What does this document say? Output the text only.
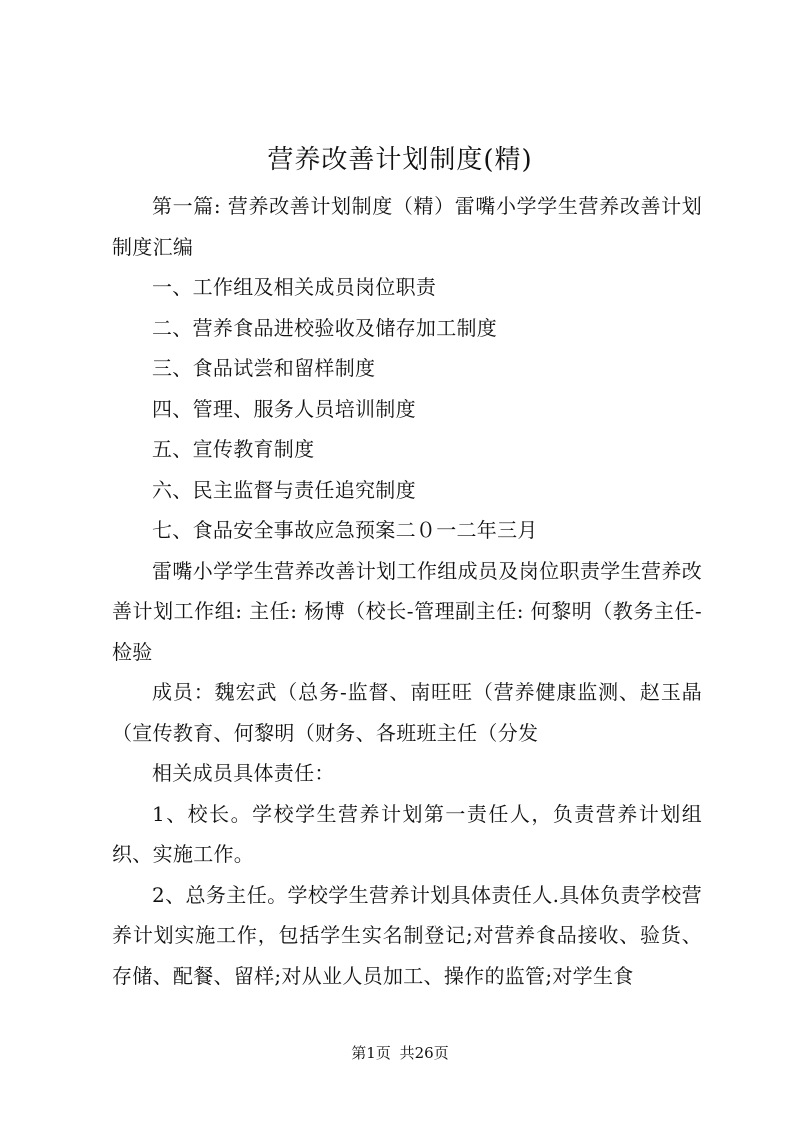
营养改善计划制度(精)

第一篇: 营养改善计划制度（精）雷嘴小学学生营养改善计划制度汇编

一、工作组及相关成员岗位职责

二、营养食品进校验收及储存加工制度

三、食品试尝和留样制度

四、管理、服务人员培训制度

五、宣传教育制度

六、民主监督与责任追究制度

七、食品安全事故应急预案二０一二年三月

雷嘴小学学生营养改善计划工作组成员及岗位职责学生营养改善计划工作组: 主任: 杨博（校长-管理副主任: 何黎明（教务主任-检验

成员：魏宏武（总务-监督、南旺旺（营养健康监测、赵玉晶（宣传教育、何黎明（财务、各班班主任（分发

相关成员具体责任：

1、校长。学校学生营养计划第一责任人，负责营养计划组织、实施工作。

2、总务主任。学校学生营养计划具体责任人.具体负责学校营养计划实施工作，包括学生实名制登记;对营养食品接收、验货、存储、配餐、留样;对从业人员加工、操作的监管;对学生食

第1页 共26页
